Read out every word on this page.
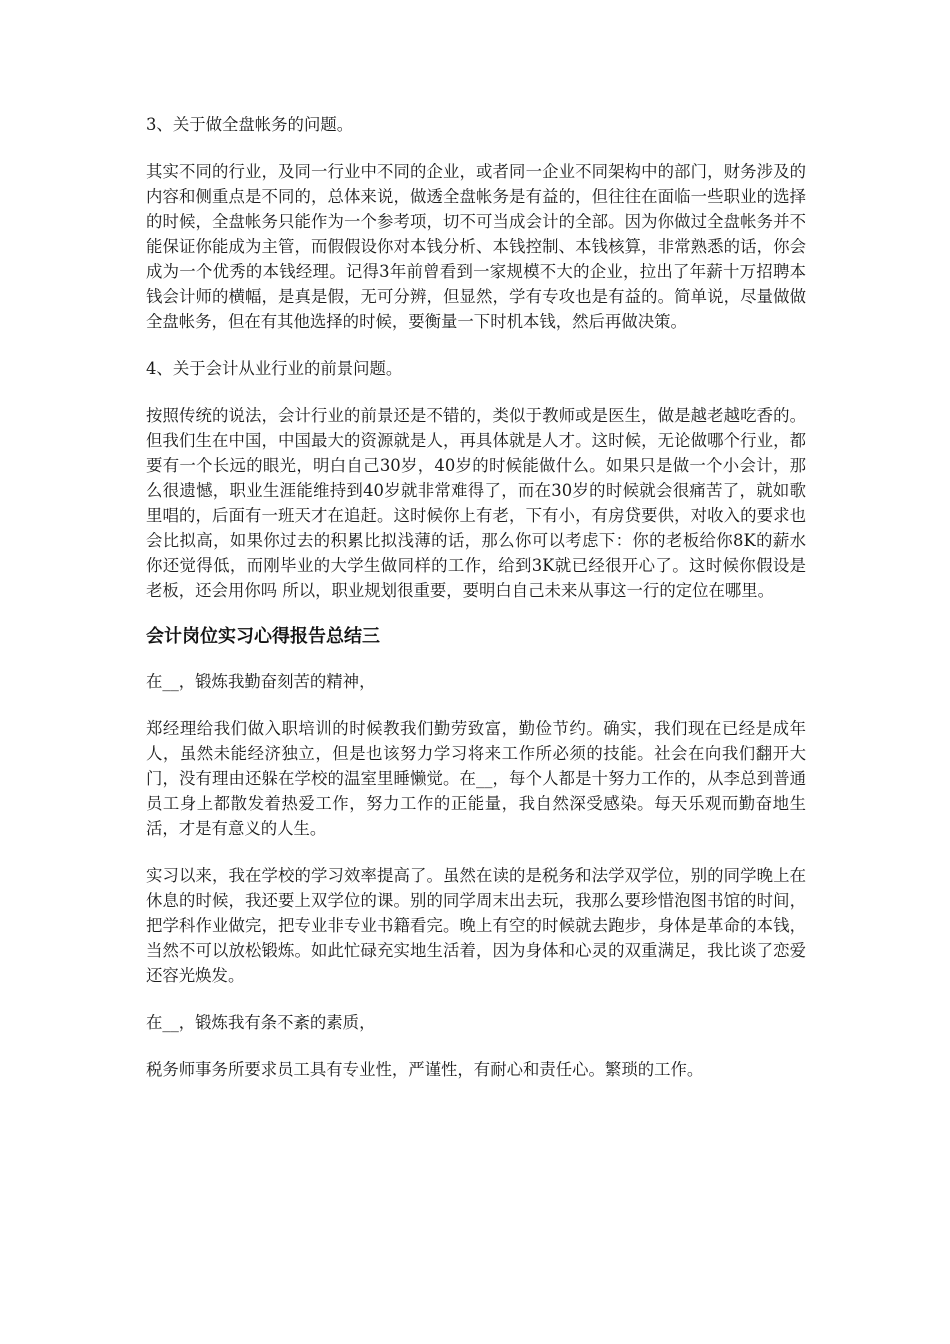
3、关于做全盘帐务的问题。

其实不同的行业，及同一行业中不同的企业，或者同一企业不同架构中的部门，财务涉及的内容和侧重点是不同的，总体来说，做透全盘帐务是有益的，但往往在面临一些职业的选择的时候，全盘帐务只能作为一个参考项，切不可当成会计的全部。因为你做过全盘帐务并不能保证你能成为主管，而假假设你对本钱分析、本钱控制、本钱核算，非常熟悉的话，你会成为一个优秀的本钱经理。记得3年前曾看到一家规模不大的企业，拉出了年薪十万招聘本钱会计师的横幅，是真是假，无可分辨，但显然，学有专攻也是有益的。简单说，尽量做做全盘帐务，但在有其他选择的时候，要衡量一下时机本钱，然后再做决策。

4、关于会计从业行业的前景问题。

按照传统的说法，会计行业的前景还是不错的，类似于教师或是医生，做是越老越吃香的。但我们生在中国，中国最大的资源就是人，再具体就是人才。这时候，无论做哪个行业，都要有一个长远的眼光，明白自己30岁，40岁的时候能做什么。如果只是做一个小会计，那么很遗憾，职业生涯能维持到40岁就非常难得了，而在30岁的时候就会很痛苦了，就如歌里唱的，后面有一班天才在追赶。这时候你上有老，下有小，有房贷要供，对收入的要求也会比拟高，如果你过去的积累比拟浅薄的话，那么你可以考虑下：你的老板给你8K的薪水你还觉得低，而刚毕业的大学生做同样的工作，给到3K就已经很开心了。这时候你假设是老板，还会用你吗 所以，职业规划很重要，要明白自己未来从事这一行的定位在哪里。

会计岗位实习心得报告总结三

在__，锻炼我勤奋刻苦的精神，

郑经理给我们做入职培训的时候教我们勤劳致富，勤俭节约。确实，我们现在已经是成年人，虽然未能经济独立，但是也该努力学习将来工作所必须的技能。社会在向我们翻开大门，没有理由还躲在学校的温室里睡懒觉。在__，每个人都是十努力工作的，从李总到普通员工身上都散发着热爱工作，努力工作的正能量，我自然深受感染。每天乐观而勤奋地生活，才是有意义的人生。

实习以来，我在学校的学习效率提高了。虽然在读的是税务和法学双学位，别的同学晚上在休息的时候，我还要上双学位的课。别的同学周末出去玩，我那么要珍惜泡图书馆的时间，把学科作业做完，把专业非专业书籍看完。晚上有空的时候就去跑步，身体是革命的本钱，当然不可以放松锻炼。如此忙碌充实地生活着，因为身体和心灵的双重满足，我比谈了恋爱还容光焕发。

在__，锻炼我有条不紊的素质，

税务师事务所要求员工具有专业性，严谨性，有耐心和责任心。繁琐的工作。
